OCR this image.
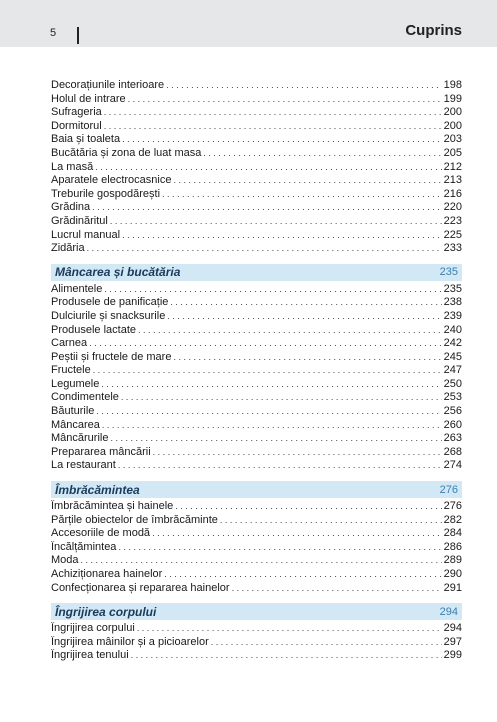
5	Cuprins
Decorațiunile interioare . . .	198
Holul de intrare . . .	199
Sufrageria . . .	200
Dormitorul . . .	200
Baia și toaleta . . .	203
Bucătăria și zona de luat masa . . .	205
La masă . . .	212
Aparatele electrocasnice . . .	213
Treburile gospodărești . . .	216
Grădina . . .	220
Grădinăritul . . .	223
Lucrul manual . . .	225
Zidăria . . .	233
Mâncarea și bucătăria	235
Alimentele . . .	235
Produsele de panificație . . .	238
Dulciurile și snacksurile . . .	239
Produsele lactate . . .	240
Carnea . . .	242
Peștii și fructele de mare . . .	245
Fructele . . .	247
Legumele . . .	250
Condimentele . . .	253
Băuturile . . .	256
Mâncarea . . .	260
Mâncărurile . . .	263
Prepararea mâncării . . .	268
La restaurant . . .	274
Îmbrăcămintea	276
Îmbrăcămintea și hainele . . .	276
Părțile obiectelor de îmbrăcăminte . . .	282
Accesoriile de modă . . .	284
Încălțămintea . . .	286
Moda . . .	289
Achiziționarea hainelor . . .	290
Confecționarea și repararea hainelor . . .	291
Îngrijirea corpului	294
Îngrijirea corpului . . .	294
Îngrijirea mâinilor și a picioarelor . . .	297
Îngrijirea tenului . . .	299
